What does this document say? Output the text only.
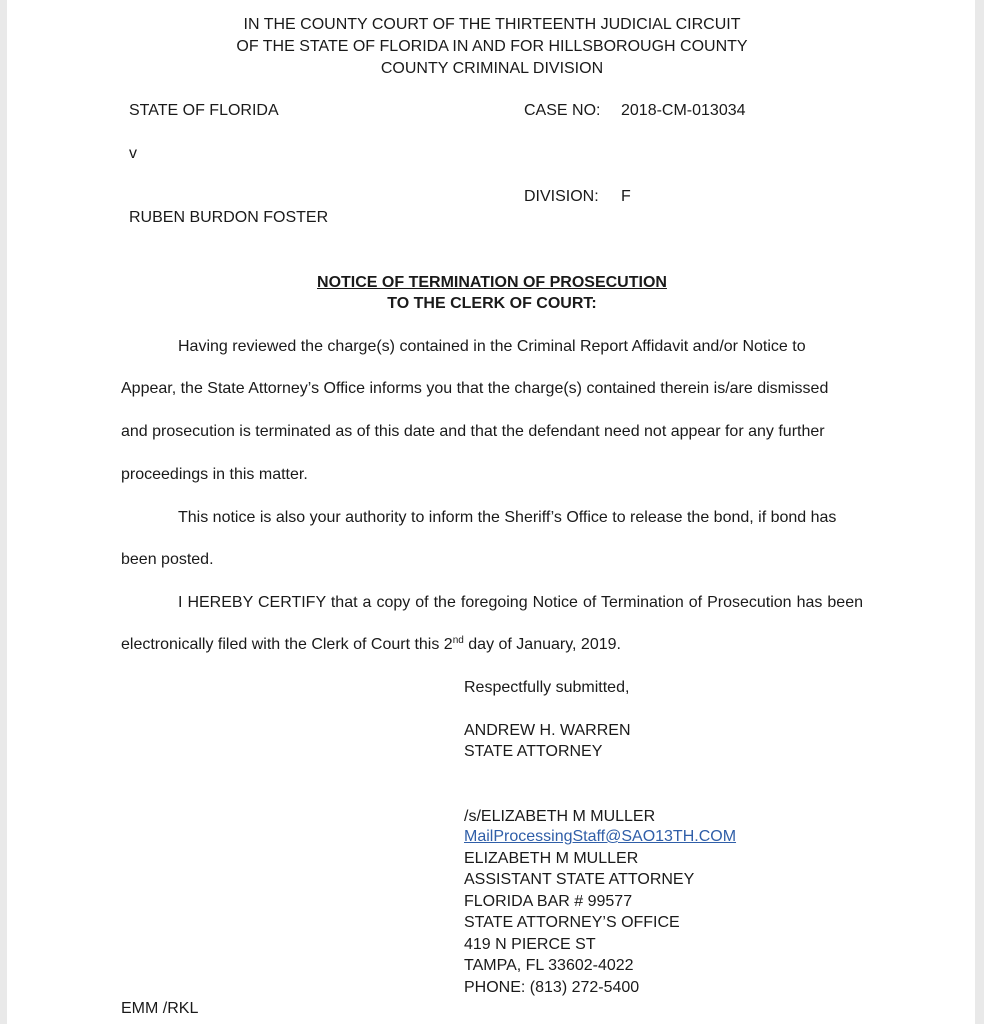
IN THE COUNTY COURT OF THE THIRTEENTH JUDICIAL CIRCUIT
OF THE STATE OF FLORIDA IN AND FOR HILLSBOROUGH COUNTY
COUNTY CRIMINAL DIVISION
STATE OF FLORIDA	CASE NO: 2018-CM-013034
v
DIVISION: F
RUBEN BURDON FOSTER
NOTICE OF TERMINATION OF PROSECUTION
TO THE CLERK OF COURT:
Having reviewed the charge(s) contained in the Criminal Report Affidavit and/or Notice to
Appear, the State Attorney’s Office informs you that the charge(s) contained therein is/are dismissed
and prosecution is terminated as of this date and that the defendant need not appear for any further
proceedings in this matter.
This notice is also your authority to inform the Sheriff’s Office to release the bond, if bond has
been posted.
I HEREBY CERTIFY that a copy of the foregoing Notice of Termination of Prosecution has been
electronically filed with the Clerk of Court this 2nd day of January, 2019.
Respectfully submitted,
ANDREW H. WARREN
STATE ATTORNEY
/s/ELIZABETH M MULLER
MailProcessingStaff@SAO13TH.COM
ELIZABETH M MULLER
ASSISTANT STATE ATTORNEY
FLORIDA BAR # 99577
STATE ATTORNEY’S OFFICE
419 N PIERCE ST
TAMPA, FL 33602-4022
PHONE: (813) 272-5400
EMM /RKL
